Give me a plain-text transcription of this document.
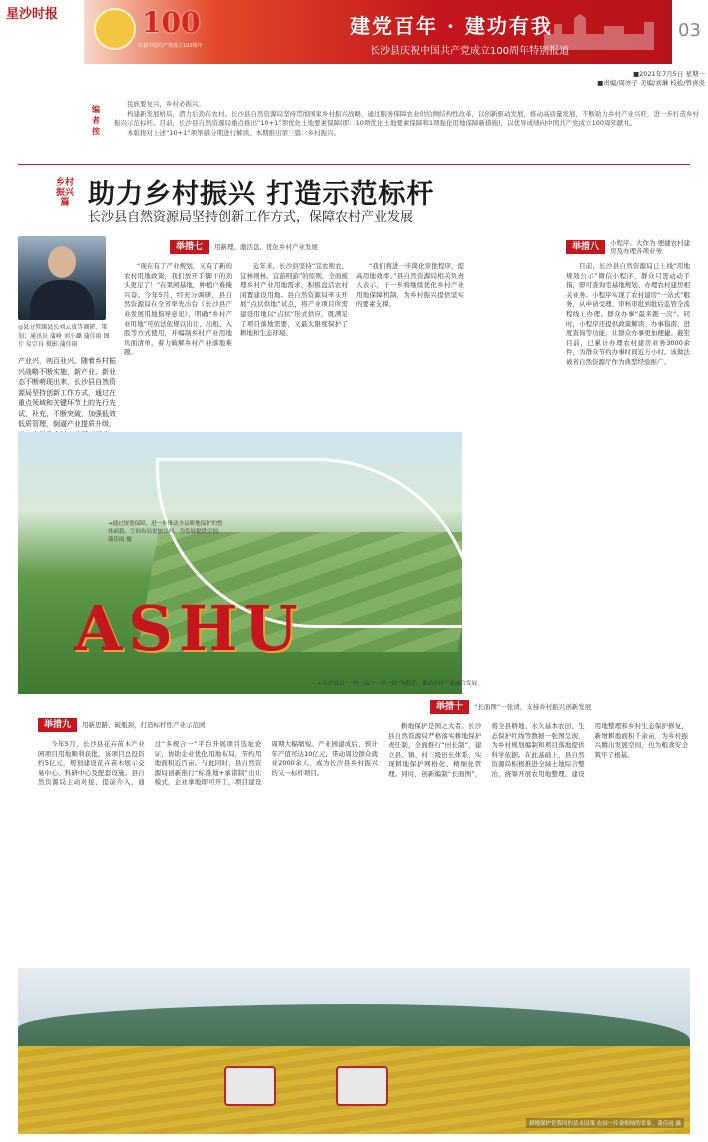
星沙时报	100
庆祝中国共产党成立100周年
建党百年 · 建功有我
长沙县庆祝中国共产党成立100周年特别报道
03
■2021年7月5日 星期一
■责编/周亦子 美编/刘琳 校检/曾喜炎
编者按

民族要复兴，乡村必振兴。

构建新发展格局，潜力后劲在农村。长沙县自然资源局坚持贯彻国家乡村振兴战略，通过服务保障农业供给侧结构性改革，以创新驱动发展，推动高质量发展，不断助力乡村产业兴旺，进一步打造乡村振兴示范标杆。目前，长沙县自然资源局重点推出“10+1”项优化土地要素保障(即：10项优化土地要素保障和1项强化用地保障新措施)，以优异成绩向中国共产党成立100周年献礼。

本版将对上述“10+1”项举措分期进行解读。本期推出第三篇：乡村振兴。

乡村振兴篇 助力乡村振兴 打造示范标杆
长沙县自然资源局坚持创新工作方式，保障农村产业发展
◎县分管副县长刘云贵等调研、策划；通讯员 蒲峰 刘小璐 蒲佳雨 图片 易宗良 摄影 蒲佳雨
产业兴，则百业兴。随着乡村振兴战略不断实施，新产业、新业态不断萌现出来，长沙县自然资源局坚持创新工作方式，通过在重点领域和关键环节上的先行先试，补充、不断突破，加强低效低质管理，倒逼产业提质升级，
举措七	用新理、激活盘、优化乡村产业发展

“现在有了产业规划，又有了新的农村用地政策，我们放开手脚干的劲头更足了！”在果园基地，种植户难掩兴奋。今年5月，经充分调研，县自然资源局在全省率先出台《长沙县产业发展用地指导意见》，明确“乡村产业用地”可依法依规以出让、出租、入股等方式使用，并编制乡村产业用地负面清单，着力破解乡村产业落地难题。

近年来，长沙县坚持“宜农则农、宜林则林、宜游则游”的原则，全面梳理乡村产业用地需求，积极盘活农村闲置建设用地。县自然资源局牵头开展“点状供地”试点，将产业项目所需建设用地以“点状”形式供应，既满足了项目落地需要，又最大限度保护了耕地和生态环境。

“我们将进一步简化审批程序，提高用地效率。”县自然资源局相关负责人表示，下一步将继续优化乡村产业用地保障机制，为乡村振兴提供坚实的要素支撑。

举措八	小程序、大作为 便捷农村建房及办理各项业务

目前，长沙县自然资源局已上线“用地规划公示”微信小程序，群众只需动动手指，即可查询宅基地规划、办理农村建房相关业务。小程序实现了农村建房“一站式”服务，从申请受理、审核审批到批后监管全流程线上办理，群众办事“最多跑一次”。同时，小程序还提供政策解读、办事指南、进度查询等功能，让群众办事更加便捷。截至目前，已累计办理农村建房业务3000余件，为群众节约办事时间近万小时。该做法被省自然资源厅作为典型经验推广。

ASHU
→通过规划保障，进一步推动全县耕地保护的整体面貌，空间布局更加合理，为发展提供空间。 蒲佳雨 摄
←长沙县以“一村一品”“一乡一特”为抓手，推动乡村产业融合发展。
举措九	用新思路、破瓶颈，打造标杆性产业示范园

今年5月，长沙县花卉苗木产业园项目用地顺利获批。该项目总投资约5亿元，规划建设花卉苗木展示交易中心、科研中心及配套设施。县自然资源局主动对接、提前介入，通过“多规合一”平台开展项目选址论证，协助企业优化用地布局，节约用地面积近百亩。与此同时，县自然资源局创新推行“标准地+承诺制”出让模式，企业拿地即可开工，项目建设周期大幅缩短。产业园建成后，预计年产值可达10亿元，带动周边群众就业2000余人，成为长沙县乡村振兴的又一标杆项目。

举措十	“长面图”一张清，支持乡村振兴创新发展

耕地保护是国之大者。长沙县自然资源局严格落实耕地保护责任制，全面推行“田长制”，建立县、镇、村三级田长体系，实现耕地保护网格化、精细化管理。同时，创新编制“长面图”，将全县耕地、永久基本农田、生态保护红线等数据一张图呈现，为乡村规划编制和项目落地提供科学依据。在此基础上，县自然资源局积极推进全域土地综合整治，统筹开展农用地整理、建设用地整理和乡村生态保护修复，新增耕地面积千余亩，为乡村振兴腾出发展空间，也为粮食安全筑牢了根基。

耕地保护是我国的基本国策 农田一片金灿灿的景象。蒲佳雨 摄
